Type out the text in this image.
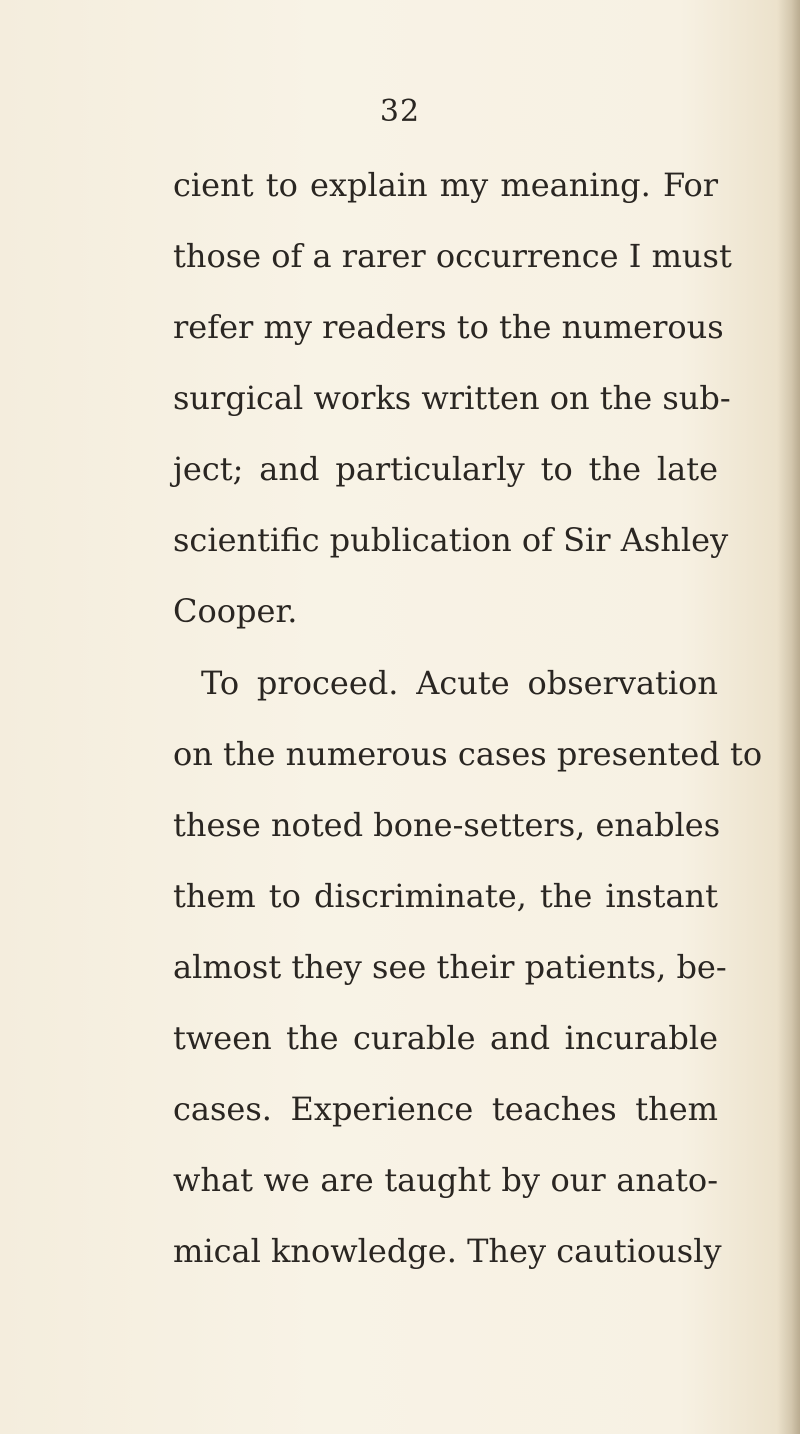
32
cient to explain my meaning. For
those of a rarer occurrence I must
refer my readers to the numerous
surgical works written on the sub-
ject; and particularly to the late
scientific publication of Sir Ashley
Cooper.
To proceed. Acute observation
on the numerous cases presented to
these noted bone-setters, enables
them to discriminate, the instant
almost they see their patients, be-
tween the curable and incurable
cases. Experience teaches them
what we are taught by our anato-
mical knowledge. They cautiously
